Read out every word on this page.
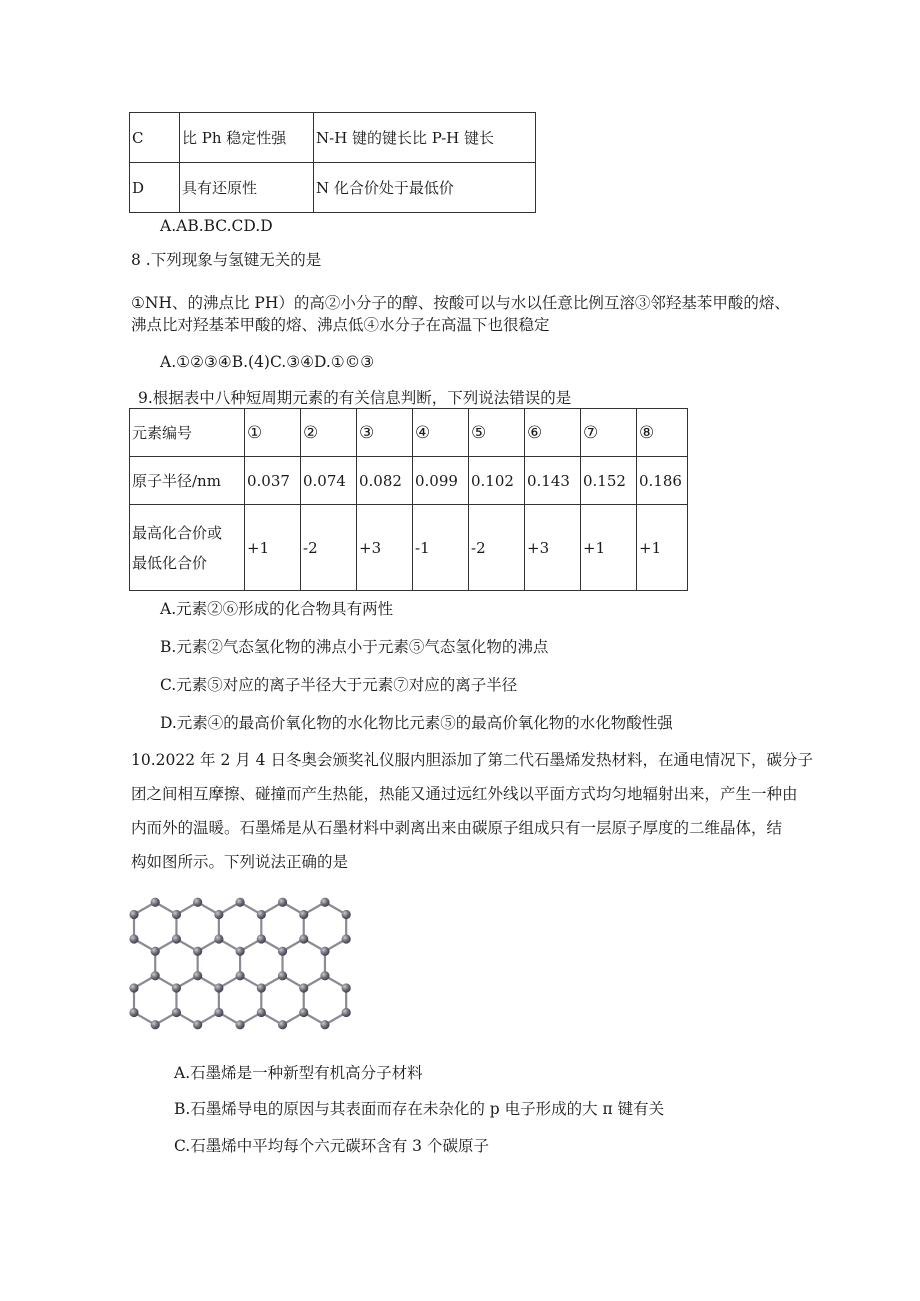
C	比 Ph 稳定性强	N-H 键的键长比 P-H 键长
D	具有还原性	N 化合价处于最低价
A.AB.BC.CD.D
8 .下列现象与氢键无关的是
①NH、的沸点比 PH）的高②小分子的醇、按酸可以与水以任意比例互溶③邻羟基苯甲酸的熔、
沸点比对羟基苯甲酸的熔、沸点低④水分子在高温下也很稳定
A.①②③④B.(4)C.③④D.①©③
9.根据表中八种短周期元素的有关信息判断，下列说法错误的是
元素编号	①	②	③	④	⑤	⑥	⑦	⑧
原子半径/nm	0.037	0.074	0.082	0.099	0.102	0.143	0.152	0.186

最高化合价或
最低化合价	+1	-2	+3	-1	-2	+3	+1	+1
A.元素②⑥形成的化合物具有两性
B.元素②气态氢化物的沸点小于元素⑤气态氢化物的沸点
C.元素⑤对应的离子半径大于元素⑦对应的离子半径
D.元素④的最高价氧化物的水化物比元素⑤的最高价氧化物的水化物酸性强
10.2022 年 2 月 4 日冬奥会颁奖礼仪服内胆添加了第二代石墨烯发热材料，在通电情况下，碳分子
团之间相互摩擦、碰撞而产生热能，热能又通过远红外线以平面方式均匀地辐射出来，产生一种由
内而外的温暖。石墨烯是从石墨材料中剥离出来由碳原子组成只有一层原子厚度的二维晶体，结
构如图所示。下列说法正确的是
A.石墨烯是一种新型有机高分子材料
B.石墨烯导电的原因与其表面而存在未杂化的 p 电子形成的大 π 键有关
C.石墨烯中平均每个六元碳环含有 3 个碳原子
